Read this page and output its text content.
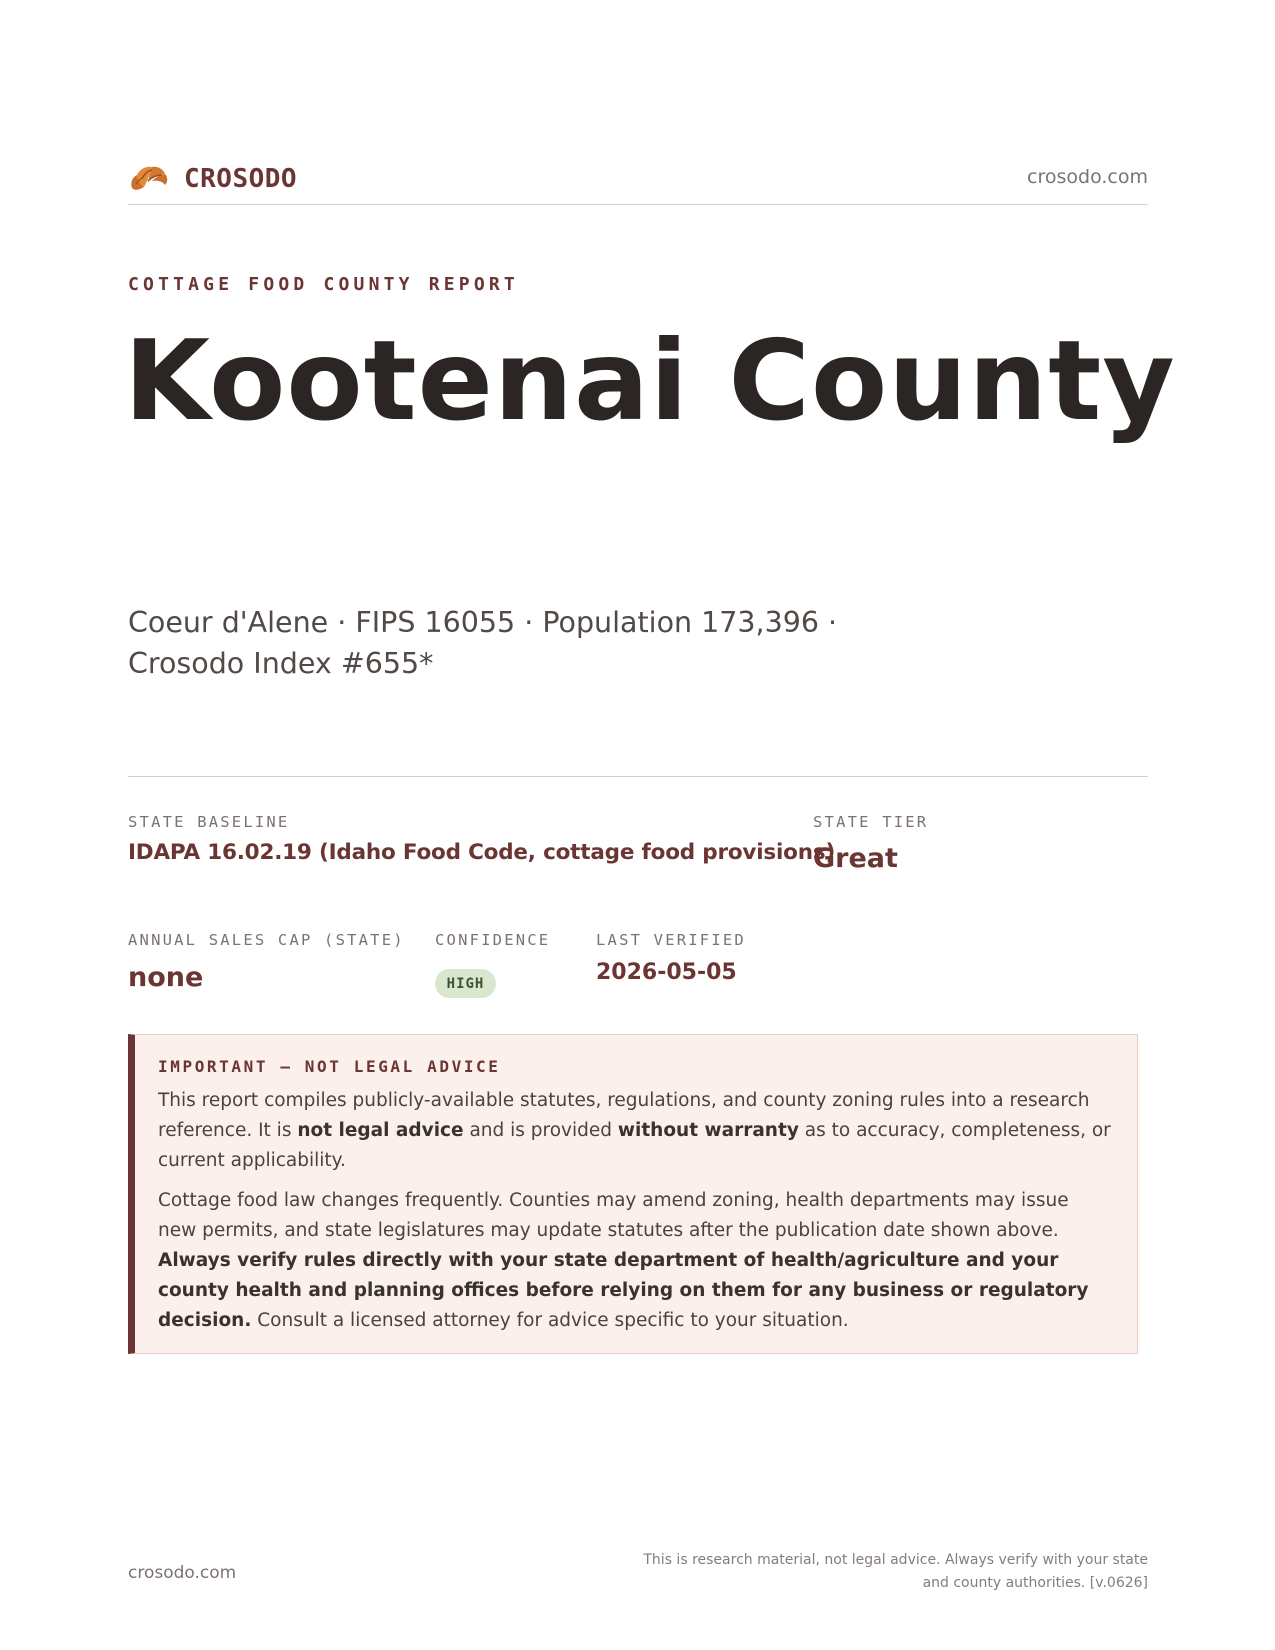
CROSODO	crosodo.com
COTTAGE FOOD COUNTY REPORT
Kootenai County
Coeur d'Alene · FIPS 16055 · Population 173,396 · Crosodo Index #655*
STATE BASELINE
IDAPA 16.02.19 (Idaho Food Code, cottage food provisions)
STATE TIER
Great
ANNUAL SALES CAP (STATE)
none
CONFIDENCE
HIGH
LAST VERIFIED
2026-05-05
IMPORTANT — NOT LEGAL ADVICE

This report compiles publicly-available statutes, regulations, and county zoning rules into a research reference. It is not legal advice and is provided without warranty as to accuracy, completeness, or current applicability.

Cottage food law changes frequently. Counties may amend zoning, health departments may issue new permits, and state legislatures may update statutes after the publication date shown above. Always verify rules directly with your state department of health/agriculture and your county health and planning offices before relying on them for any business or regulatory decision. Consult a licensed attorney for advice specific to your situation.

crosodo.com
This is research material, not legal advice. Always verify with your state
and county authorities. [v.0626]
